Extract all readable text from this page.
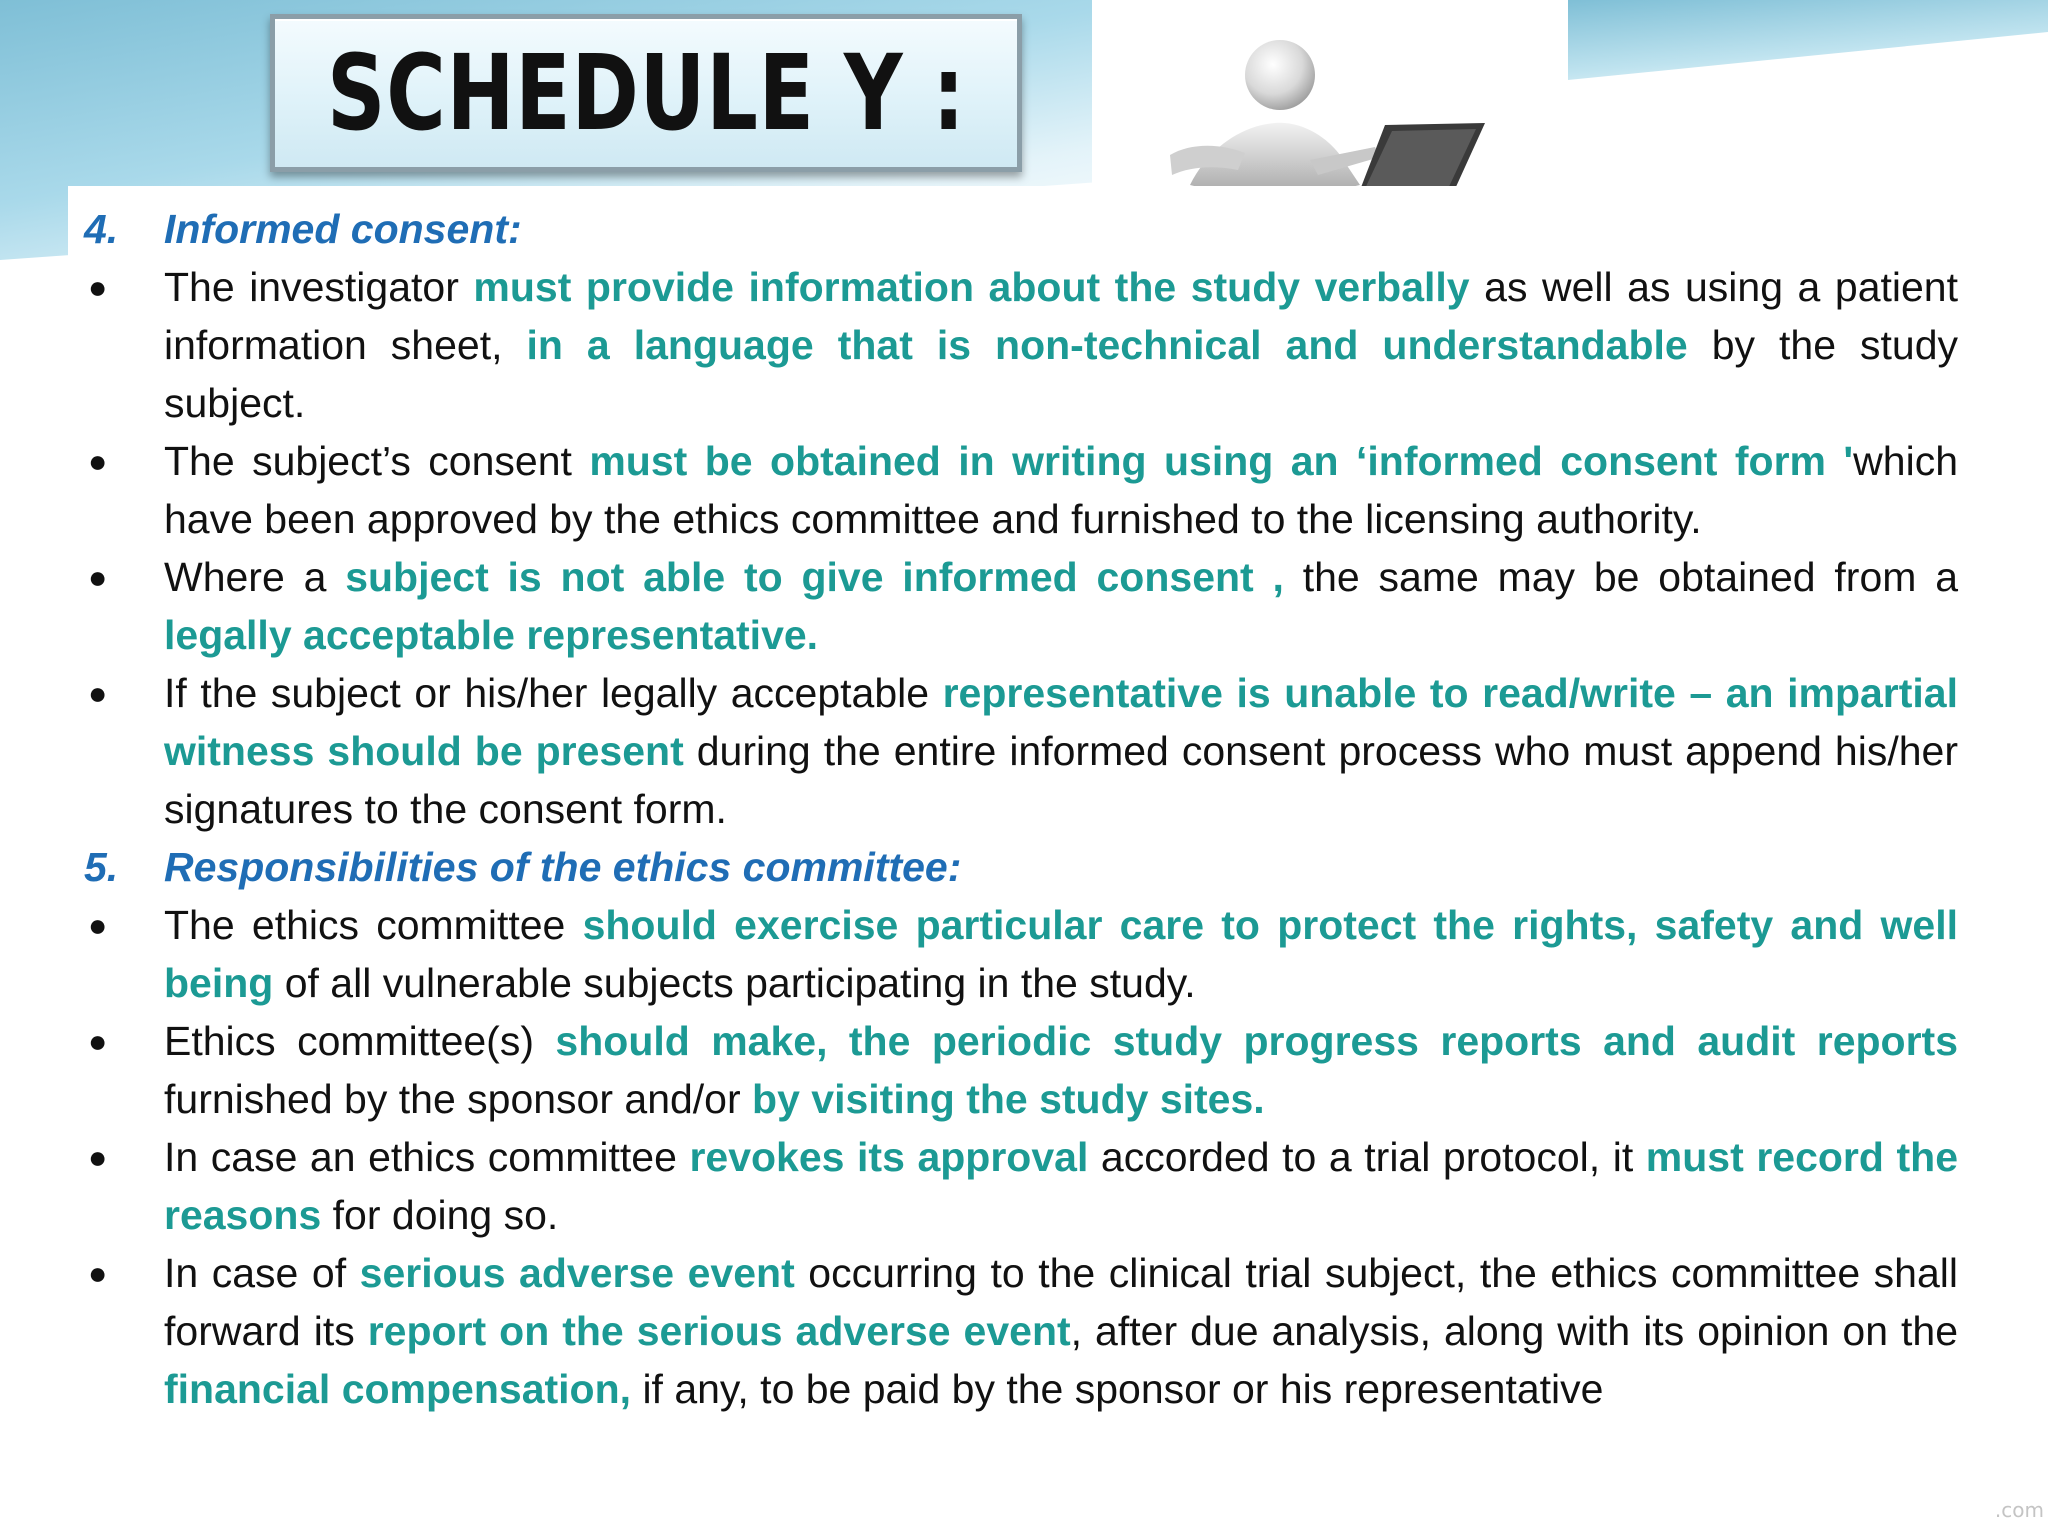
SCHEDULE Y :
4.	Informed consent:
●	The investigator must provide information about the study verbally as well as using a patient information sheet, in a language that is non-technical and understandable by the study subject.
●	The subject’s consent must be obtained in writing using an ‘informed consent form 'which have been approved by the ethics committee and furnished to the licensing authority.
●	Where a subject is not able to give informed consent , the same may be obtained from a legally acceptable representative.
●	If the subject or his/her legally acceptable representative is unable to read/write – an impartial witness should be present during the entire informed consent process who must append his/her signatures to the consent form.
5.	Responsibilities of the ethics committee:
●	The ethics committee should exercise particular care to protect the rights, safety and well being of all vulnerable subjects participating in the study.
●	Ethics committee(s) should make, the periodic study progress reports and audit reports furnished by the sponsor and/or by visiting the study sites.
●	In case an ethics committee revokes its approval accorded to a trial protocol, it must record the reasons for doing so.
●	In case of serious adverse event occurring to the clinical trial subject, the ethics committee shall forward its report on the serious adverse event, after due analysis, along with its opinion on the financial compensation, if any, to be paid by the sponsor or his representative
.com
